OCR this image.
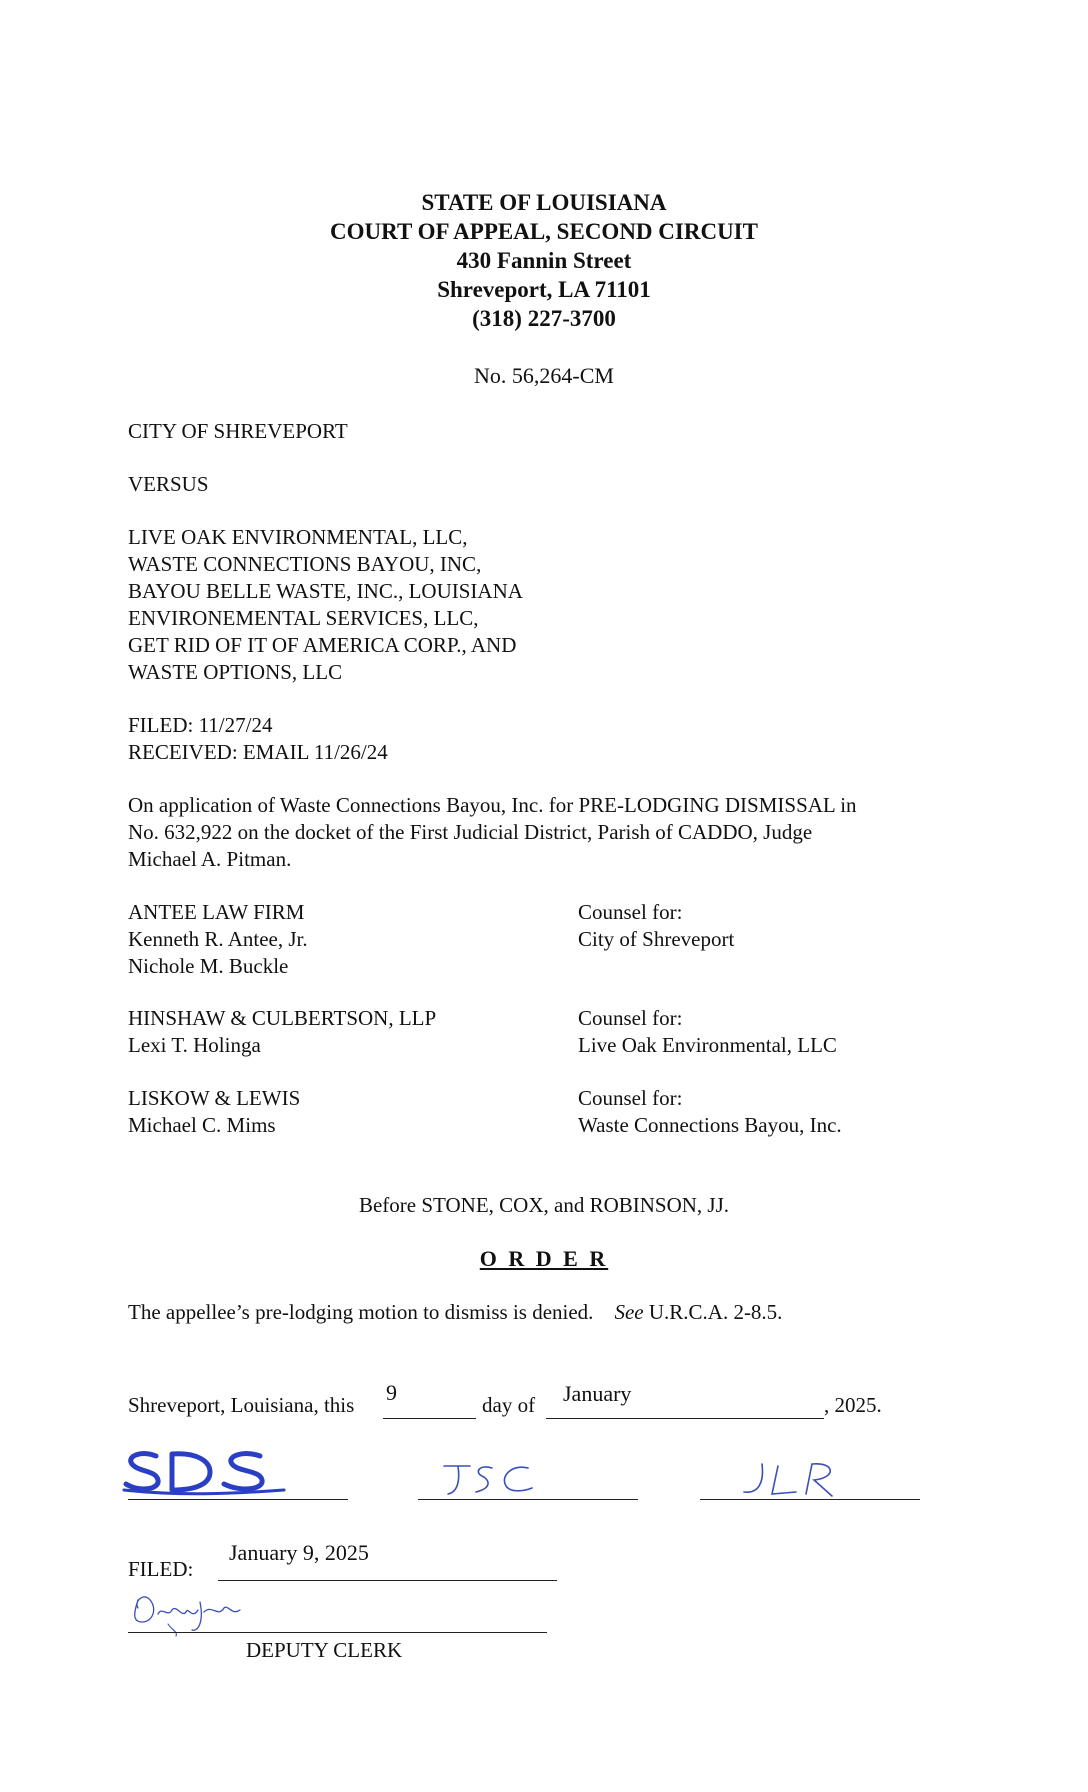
STATE OF LOUISIANA
COURT OF APPEAL, SECOND CIRCUIT
430 Fannin Street
Shreveport, LA 71101
(318) 227-3700
No. 56,264-CM
CITY OF SHREVEPORT
VERSUS
LIVE OAK ENVIRONMENTAL, LLC,
WASTE CONNECTIONS BAYOU, INC,
BAYOU BELLE WASTE, INC., LOUISIANA
ENVIRONEMENTAL SERVICES, LLC,
GET RID OF IT OF AMERICA CORP., AND
WASTE OPTIONS, LLC
FILED: 11/27/24
RECEIVED: EMAIL 11/26/24
On application of Waste Connections Bayou, Inc. for PRE-LODGING DISMISSAL in
No. 632,922 on the docket of the First Judicial District, Parish of CADDO, Judge
Michael A. Pitman.
ANTEE LAW FIRM
Kenneth R. Antee, Jr.
Nichole M. Buckle
Counsel for:
City of Shreveport
HINSHAW & CULBERTSON, LLP
Lexi T. Holinga
Counsel for:
Live Oak Environmental, LLC
LISKOW & LEWIS
Michael C. Mims
Counsel for:
Waste Connections Bayou, Inc.
Before STONE, COX, and ROBINSON, JJ.
O R D E R
The appellee’s pre-lodging motion to dismiss is denied. See U.R.C.A. 2-8.5.
Shreveport, Louisiana, this 9	day of January	, 2025.
FILED:
January 9, 2025
DEPUTY CLERK
